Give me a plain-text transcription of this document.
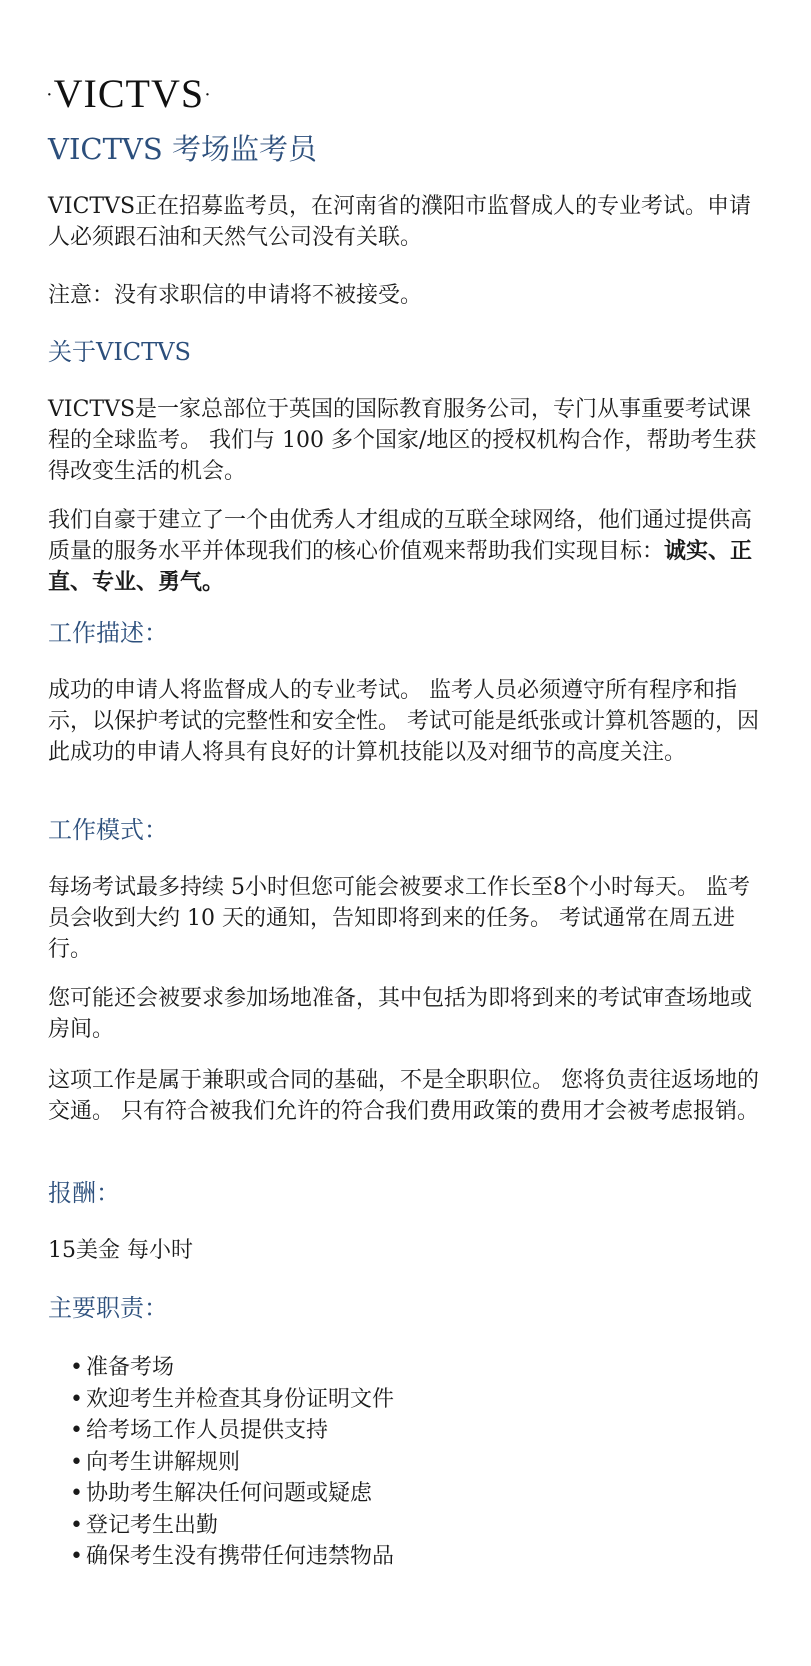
·VICTVS·
VICTVS 考场监考员

VICTVS正在招募监考员，在河南省的濮阳市监督成人的专业考试。申请人必须跟石油和天然气公司没有关联。

注意：没有求职信的申请将不被接受。

关于VICTVS

VICTVS是一家总部位于英国的国际教育服务公司，专门从事重要考试课程的全球监考。 我们与 100 多个国家/地区的授权机构合作，帮助考生获得改变生活的机会。

我们自豪于建立了一个由优秀人才组成的互联全球网络，他们通过提供高质量的服务水平并体现我们的核心价值观来帮助我们实现目标：诚实、正直、专业、勇气。

工作描述：

成功的申请人将监督成人的专业考试。 监考人员必须遵守所有程序和指示，以保护考试的完整性和安全性。 考试可能是纸张或计算机答题的，因此成功的申请人将具有良好的计算机技能以及对细节的高度关注。

工作模式：

每场考试最多持续 5小时但您可能会被要求工作长至8个小时每天。 监考员会收到大约 10 天的通知，告知即将到来的任务。 考试通常在周五进行。

您可能还会被要求参加场地准备，其中包括为即将到来的考试审查场地或房间。

这项工作是属于兼职或合同的基础，不是全职职位。 您将负责往返场地的交通。 只有符合被我们允许的符合我们费用政策的费用才会被考虑报销。

报酬：

15美金 每小时

主要职责：
• 准备考场
• 欢迎考生并检查其身份证明文件
• 给考场工作人员提供支持
• 向考生讲解规则
• 协助考生解决任何问题或疑虑
• 登记考生出勤
• 确保考生没有携带任何违禁物品
